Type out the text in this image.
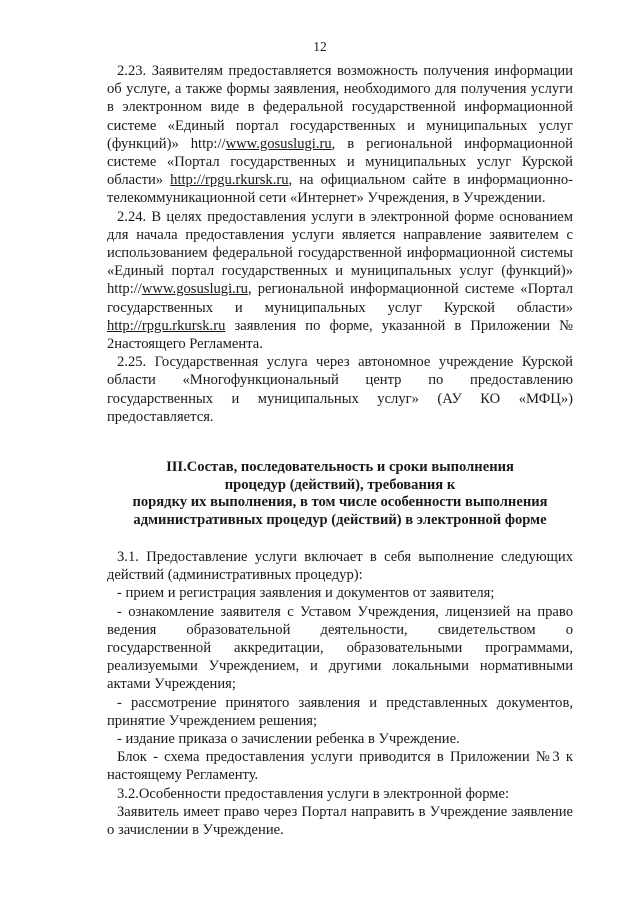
12

2.23. Заявителям предоставляется возможность получения информации об услуге, а также формы заявления, необходимого для получения услуги в электронном виде в федеральной государственной информационной системе «Единый портал государственных и муниципальных услуг (функций)» http://www.gosuslugi.ru, в региональной информационной системе «Портал государственных и муниципальных услуг Курской области» http://rpgu.rkursk.ru, на официальном сайте в информационно-телекоммуникационной сети «Интернет» Учреждения, в Учреждении.

2.24. В целях предоставления услуги в электронной форме основанием для начала предоставления услуги является направление заявителем с использованием федеральной государственной информационной системы «Единый портал государственных и муниципальных услуг (функций)» http://www.gosuslugi.ru, региональной информационной системе «Портал государственных и муниципальных услуг Курской области» http://rpgu.rkursk.ru заявления по форме, указанной в Приложении № 2настоящего Регламента.

2.25. Государственная услуга через автономное учреждение Курской области «Многофункциональный центр по предоставлению государственных и муниципальных услуг» (АУ КО «МФЦ») предоставляется.

III.Состав, последовательность и сроки выполнения
процедур (действий), требования к
порядку их выполнения, в том числе особенности выполнения
административных процедур (действий) в электронной форме

3.1. Предоставление услуги включает в себя выполнение следующих действий (административных процедур):

- прием и регистрация заявления и документов от заявителя;

- ознакомление заявителя с Уставом Учреждения, лицензией на право ведения образовательной деятельности, свидетельством о государственной аккредитации, образовательными программами, реализуемыми Учреждением, и другими локальными нормативными актами Учреждения;

- рассмотрение принятого заявления и представленных документов, принятие Учреждением решения;

- издание приказа о зачислении ребенка в Учреждение.

Блок - схема предоставления услуги приводится в Приложении №3 к настоящему Регламенту.

3.2.Особенности предоставления услуги в электронной форме:

Заявитель имеет право через Портал направить в Учреждение заявление о зачислении в Учреждение.
